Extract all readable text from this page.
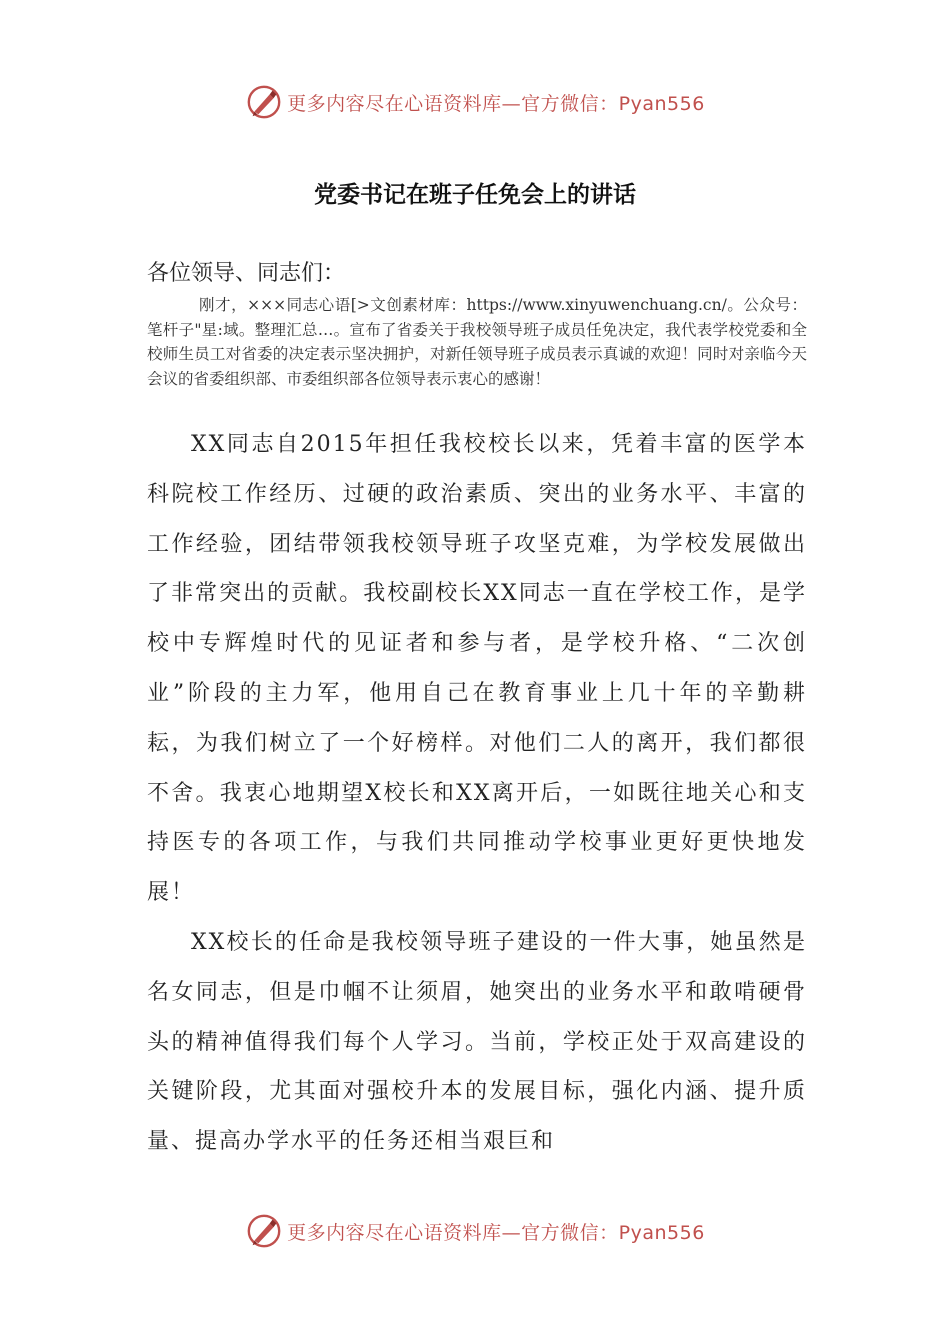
更多内容尽在心语资料库—官方微信：Pyan556
党委书记在班子任免会上的讲话

各位领导、同志们：

刚才，×××同志心语[>文创素材库：https://www.xinyuwenchuang.cn/。公众号：笔杆子"星:域。整理汇总…。宣布了省委关于我校领导班子成员任免决定，我代表学校党委和全校师生员工对省委的决定表示坚决拥护，对新任领导班子成员表示真诚的欢迎！同时对亲临今天会议的省委组织部、市委组织部各位领导表示衷心的感谢！

XX同志自2015年担任我校校长以来，凭着丰富的医学本科院校工作经历、过硬的政治素质、突出的业务水平、丰富的工作经验，团结带领我校领导班子攻坚克难，为学校发展做出了非常突出的贡献。我校副校长XX同志一直在学校工作，是学校中专辉煌时代的见证者和参与者，是学校升格、“二次创业”阶段的主力军，他用自己在教育事业上几十年的辛勤耕耘，为我们树立了一个好榜样。对他们二人的离开，我们都很不舍。我衷心地期望X校长和XX离开后，一如既往地关心和支持医专的各项工作，与我们共同推动学校事业更好更快地发展！

XX校长的任命是我校领导班子建设的一件大事，她虽然是名女同志，但是巾帼不让须眉，她突出的业务水平和敢啃硬骨头的精神值得我们每个人学习。当前，学校正处于双高建设的关键阶段，尤其面对强校升本的发展目标，强化内涵、提升质量、提高办学水平的任务还相当艰巨和

更多内容尽在心语资料库—官方微信：Pyan556
